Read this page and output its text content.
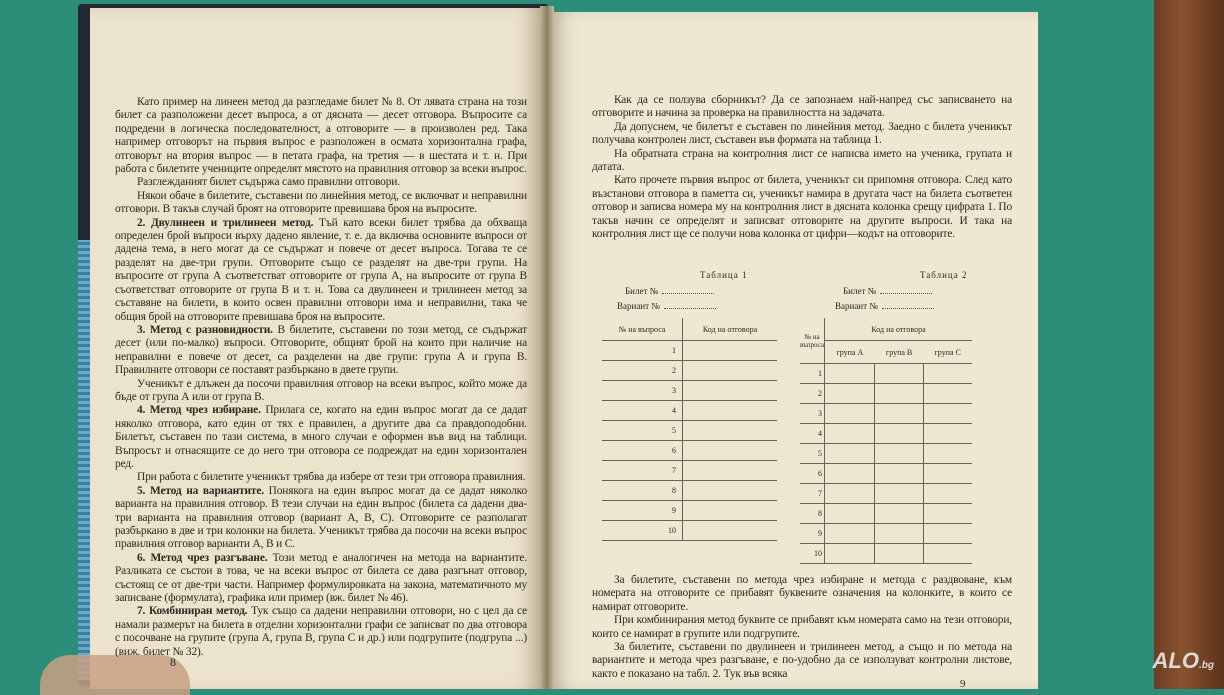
Като пример на линеен метод да разгледаме билет № 8. От лявата страна на този билет са разположени десет въпроса, а от дясната — десет отговора. Въпросите са подредени в логическа последователност, а отговорите — в произволен ред. Така например отговорът на първия въпрос е разположен в осмата хоризонтална графа, отговорът на втория въпрос — в петата графа, на третия — в шестата и т. н. При работа с билетите учениците определят мястото на правилния отговор за всеки въпрос.

Разглежданият билет съдържа само правилни отговори.

Някои обаче в билетите, съставени по линейния метод, се включват и неправилни отговори. В такъв случай броят на отговорите превишава броя на въпросите.

2. Двулинеен и трилинеен метод. Тъй като всеки билет трябва да обхваща определен брой въпроси върху дадено явление, т. е. да включва основните въпроси от дадена тема, в него могат да се съдържат и повече от десет въпроса. Тогава те се разделят на две-три групи. Отговорите също се разделят на две-три групи. На въпросите от група А съответстват отговорите от група А, на въпросите от група В съответстват отговорите от група В и т. н. Това са двулинеен и трилинеен метод за съставяне на билети, в които освен правилни отговори има и неправилни, така че общия брой на отговорите превишава броя на въпросите.

3. Метод с разновидности. В билетите, съставени по този метод, се съдържат десет (или по-малко) въпроси. Отговорите, общият брой на които при наличие на неправилни е повече от десет, са разделени на две групи: група А и група В. Правилните отговори се поставят разбъркано в двете групи.

Ученикът е длъжен да посочи правилния отговор на всеки въпрос, който може да бъде от група А или от група В.

4. Метод чрез избиране. Прилага се, когато на един въпрос могат да се дадат няколко отговора, като един от тях е правилен, а другите два са правдоподобни. Билетът, съставен по тази система, в много случаи е оформен във вид на таблици. Въпросът и отнасящите се до него три отговора се подреждат на един хоризонтален ред.

При работа с билетите ученикът трябва да избере от тези три отговора правилния.

5. Метод на вариантите. Понякога на един въпрос могат да се дадат няколко варианта на правилния отговор. В тези случаи на един въпрос (билета са дадени два-три варианта на правилния отговор (вариант А, В, С). Отговорите се разполагат разбъркано в две и три колонки на билета. Ученикът трябва да посочи на всеки въпрос правилния отговор варианти А, В и С.

6. Метод чрез разгъване. Този метод е аналогичен на метода на вариантите. Разликата се състои в това, че на всеки въпрос от билета се дава разгънат отговор, състоящ се от две-три части. Например формулировката на закона, математичното му записване (формулата), графика или пример (вж. билет № 46).

7. Комбиниран метод. Тук също са дадени неправилни отговори, но с цел да се намали размерът на билета в отделни хоризонтални графи се записват по два отговора с посочване на групите (група А, група В, група С и др.) или подгрупите (подгрупа ...) (виж. билет № 32).

8

Как да се ползува сборникът? Да се запознаем най-напред със записването на отговорите и начина за проверка на правилността на задачата.

Да допуснем, че билетът е съставен по линейния метод. Заедно с билета ученикът получава контролен лист, съставен във формата на таблица 1.

На обратната страна на контролния лист се написва името на ученика, групата и датата.

Като прочете първия въпрос от билета, ученикът си припомня отговора. След като възстанови отговора в паметта си, ученикът намира в другата част на билета съответен отговор и записва номера му на контролния лист в дясната колонка срещу цифрата 1. По такъв начин се определят и записват отговорите на другите въпроси. И така на контролния лист ще се получи нова колонка от цифри—кодът на отговорите.

Таблица 1
Билет №
Вариант №
Таблица 2
Билет №
Вариант №
№ на въпроса	Код на отговора
1	
2	
3	
4	
5	
6	
7	
8	
9	
10	
№ на въпроса	Код на отговора		
	група А	група В	група С
1			
2			
3			
4			
5			
6			
7			
8			
9			
10			

За билетите, съставени по метода чрез избиране и метода с раздвоване, към номерата на отговорите се прибавят буквените означения на колонките, в които се намират отговорите.

При комбинирания метод буквите се прибавят към номерата само на тези отговори, които се намират в групите или подгрупите.

За билетите, съставени по двулинеен и трилинеен метод, а също и по метода на вариантите и метода чрез разгъване, е по-удобно да се използуват контролни листове, както е показано на табл. 2. Тук във всяка

9
ALO.bg
